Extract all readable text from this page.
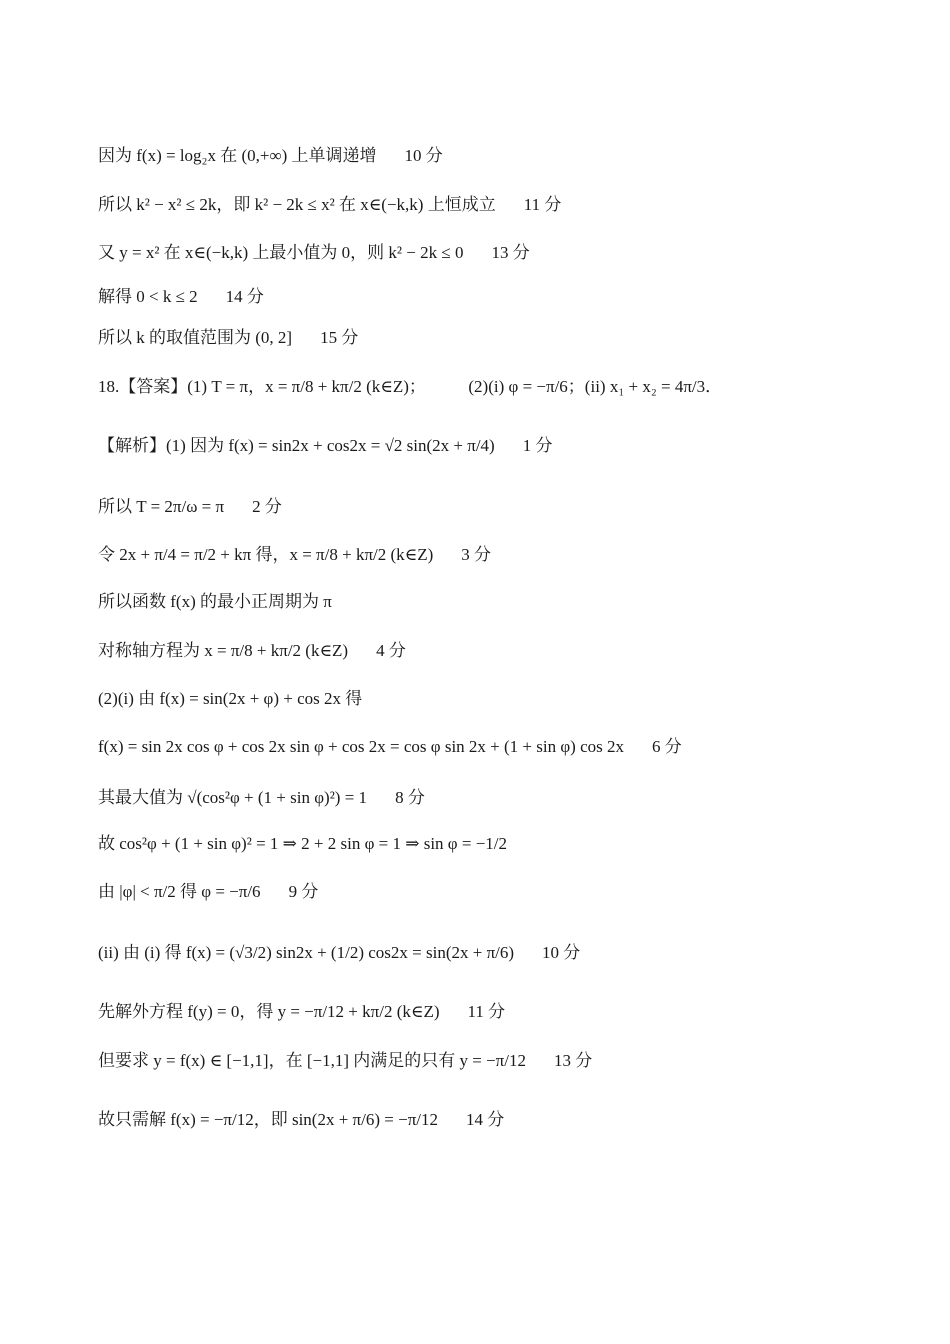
因为 f(x) = log₂x 在 (0,+∞) 上单调递增 10 分
所以 k² − x² ≤ 2k，即 k² − 2k ≤ x² 在 x∈(−k,k) 上恒成立 11 分
又 y = x² 在 x∈(−k,k) 上最小值为 0，则 k² − 2k ≤ 0 13 分
解得 0 < k ≤ 2 14 分
所以 k 的取值范围为 (0, 2] 15 分
18.【答案】(1) T = π，x = π/8 + kπ/2 (k∈Z)；　　　(2)(i) φ = −π/6；(ii) x₁ + x₂ = 4π/3．
【解析】(1) 因为 f(x) = sin2x + cos2x = √2 sin(2x + π/4) 1 分
所以 T = 2π/ω = π 2 分
令 2x + π/4 = π/2 + kπ 得，x = π/8 + kπ/2 (k∈Z) 3 分
所以函数 f(x) 的最小正周期为 π
对称轴方程为 x = π/8 + kπ/2 (k∈Z) 4 分
(2)(i) 由 f(x) = sin(2x + φ) + cos 2x 得
f(x) = sin 2x cos φ + cos 2x sin φ + cos 2x = cos φ sin 2x + (1 + sin φ) cos 2x 6 分
其最大值为 √(cos²φ + (1 + sin φ)²) = 1 8 分
故 cos²φ + (1 + sin φ)² = 1 ⇒ 2 + 2 sin φ = 1 ⇒ sin φ = −1/2
由 |φ| < π/2 得 φ = −π/6 9 分
(ii) 由 (i) 得 f(x) = (√3/2) sin2x + (1/2) cos2x = sin(2x + π/6) 10 分
先解外方程 f(y) = 0，得 y = −π/12 + kπ/2 (k∈Z) 11 分
但要求 y = f(x) ∈ [−1,1]，在 [−1,1] 内满足的只有 y = −π/12 13 分
故只需解 f(x) = −π/12，即 sin(2x + π/6) = −π/12 14 分
